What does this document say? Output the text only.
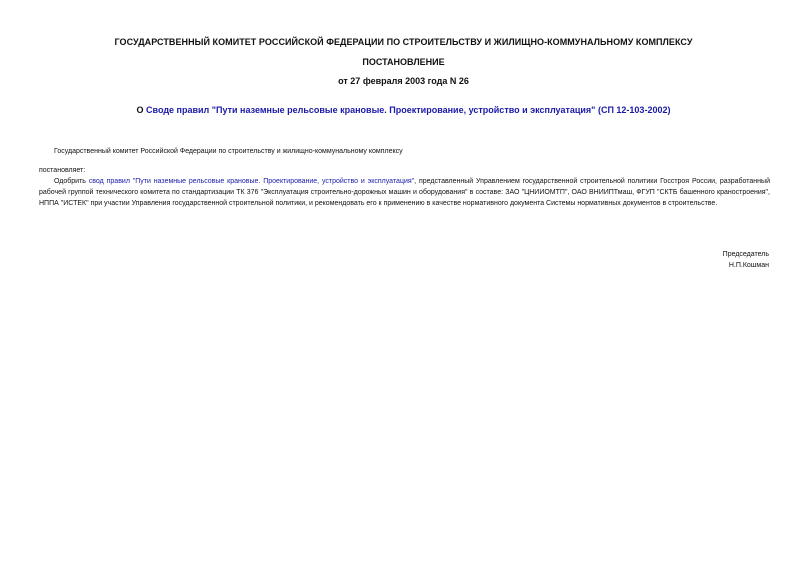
ГОСУДАРСТВЕННЫЙ КОМИТЕТ РОССИЙСКОЙ ФЕДЕРАЦИИ ПО СТРОИТЕЛЬСТВУ И ЖИЛИЩНО-КОММУНАЛЬНОМУ КОМПЛЕКСУ
ПОСТАНОВЛЕНИЕ
от 27 февраля 2003 года N 26
О Своде правил "Пути наземные рельсовые крановые. Проектирование, устройство и эксплуатация" (СП 12-103-2002)
Государственный комитет Российской Федерации по строительству и жилищно-коммунальному комплексу
постановляет:
Одобрить свод правил "Пути наземные рельсовые крановые. Проектирование, устройство и эксплуатация", представленный Управлением государственной строительной политики Госстроя России, разработанный рабочей группой технического комитета по стандартизации ТК 376 "Эксплуатация строительно-дорожных машин и оборудования" в составе: ЗАО "ЦНИИОМТП", ОАО ВНИИПТмаш, ФГУП "СКТБ башенного краностроения", НППА "ИСТЕК" при участии Управления государственной строительной политики, и рекомендовать его к применению в качестве нормативного документа Системы нормативных документов в строительстве.
Председатель
Н.П.Кошман
